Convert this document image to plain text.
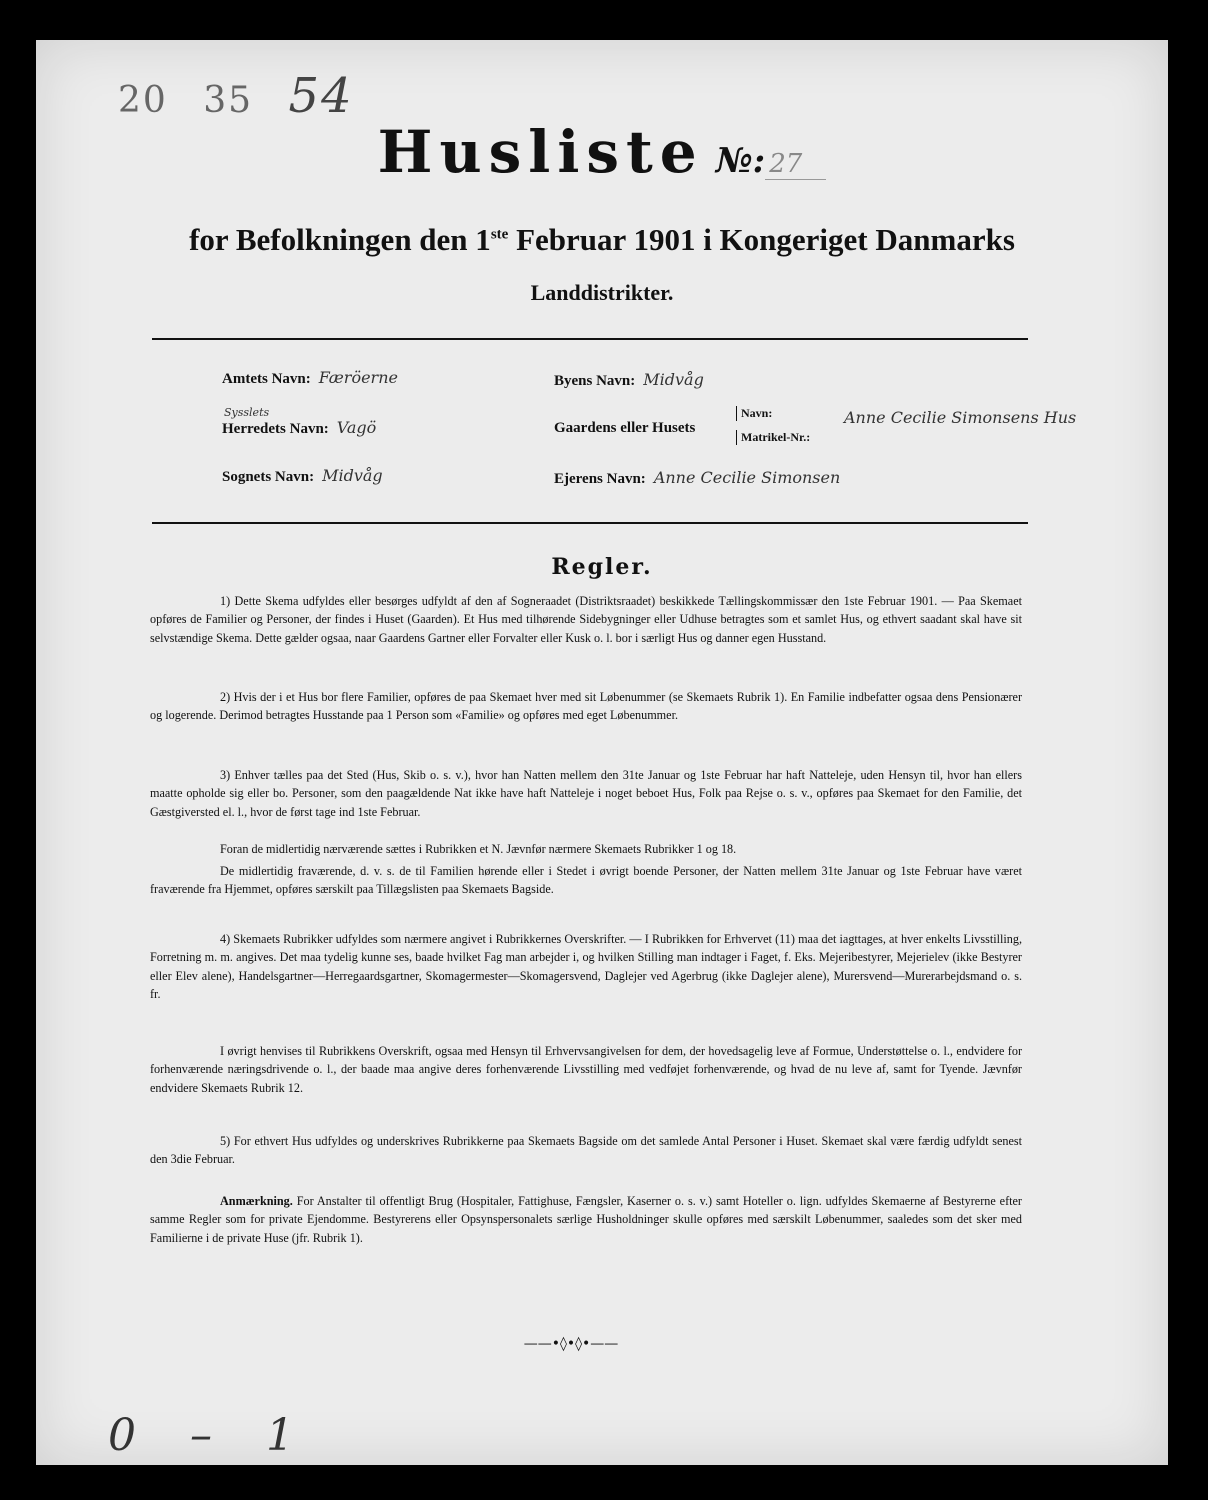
20 35 54
Husliste №: 27
for Befolkningen den 1ste Februar 1901 i Kongeriget Danmarks
Landdistrikter.
Amtets Navn: Færöerne
Sysslets
Herredets Navn: Vagö
Sognets Navn: Midvåg
Byens Navn: Midvåg
Gaardens eller Husets
Navn:
Matrikel-Nr.:
Anne Cecilie Simonsens Hus
Ejerens Navn: Anne Cecilie Simonsen
Regler.

1) Dette Skema udfyldes eller besørges udfyldt af den af Sogneraadet (Distriktsraadet) beskikkede Tællingskommissær den 1ste Februar 1901. — Paa Skemaet opføres de Familier og Personer, der findes i Huset (Gaarden). Et Hus med tilhørende Sidebygninger eller Udhuse betragtes som et samlet Hus, og ethvert saadant skal have sit selvstændige Skema. Dette gælder ogsaa, naar Gaardens Gartner eller Forvalter eller Kusk o. l. bor i særligt Hus og danner egen Husstand.

2) Hvis der i et Hus bor flere Familier, opføres de paa Skemaet hver med sit Løbenummer (se Skemaets Rubrik 1). En Familie indbefatter ogsaa dens Pensionærer og logerende. Derimod betragtes Husstande paa 1 Person som «Familie» og opføres med eget Løbenummer.

3) Enhver tælles paa det Sted (Hus, Skib o. s. v.), hvor han Natten mellem den 31te Januar og 1ste Februar har haft Natteleje, uden Hensyn til, hvor han ellers maatte opholde sig eller bo. Personer, som den paagældende Nat ikke have haft Natteleje i noget beboet Hus, Folk paa Rejse o. s. v., opføres paa Skemaet for den Familie, det Gæstgiversted el. l., hvor de først tage ind 1ste Februar.

Foran de midlertidig nærværende sættes i Rubrikken et N. Jævnfør nærmere Skemaets Rubrikker 1 og 18.

De midlertidig fraværende, d. v. s. de til Familien hørende eller i Stedet i øvrigt boende Personer, der Natten mellem 31te Januar og 1ste Februar have været fraværende fra Hjemmet, opføres særskilt paa Tillægslisten paa Skemaets Bagside.

4) Skemaets Rubrikker udfyldes som nærmere angivet i Rubrikkernes Overskrifter. — I Rubrikken for Erhvervet (11) maa det iagttages, at hver enkelts Livsstilling, Forretning m. m. angives. Det maa tydelig kunne ses, baade hvilket Fag man arbejder i, og hvilken Stilling man indtager i Faget, f. Eks. Mejeribestyrer, Mejerielev (ikke Bestyrer eller Elev alene), Handelsgartner—Herregaardsgartner, Skomagermester—Skomagersvend, Daglejer ved Agerbrug (ikke Daglejer alene), Murersvend—Murerarbejdsmand o. s. fr.

I øvrigt henvises til Rubrikkens Overskrift, ogsaa med Hensyn til Erhvervsangivelsen for dem, der hovedsagelig leve af Formue, Understøttelse o. l., endvidere for forhenværende næringsdrivende o. l., der baade maa angive deres forhenværende Livsstilling med vedføjet forhenværende, og hvad de nu leve af, samt for Tyende. Jævnfør endvidere Skemaets Rubrik 12.

5) For ethvert Hus udfyldes og underskrives Rubrikkerne paa Skemaets Bagside om det samlede Antal Personer i Huset. Skemaet skal være færdig udfyldt senest den 3die Februar.

Anmærkning. For Anstalter til offentligt Brug (Hospitaler, Fattighuse, Fængsler, Kaserner o. s. v.) samt Hoteller o. lign. udfyldes Skemaerne af Bestyrerne efter samme Regler som for private Ejendomme. Bestyrerens eller Opsynspersonalets særlige Husholdninger skulle opføres med særskilt Løbenummer, saaledes som det sker med Familierne i de private Huse (jfr. Rubrik 1).

——•◊•◊•——
0 – 1
